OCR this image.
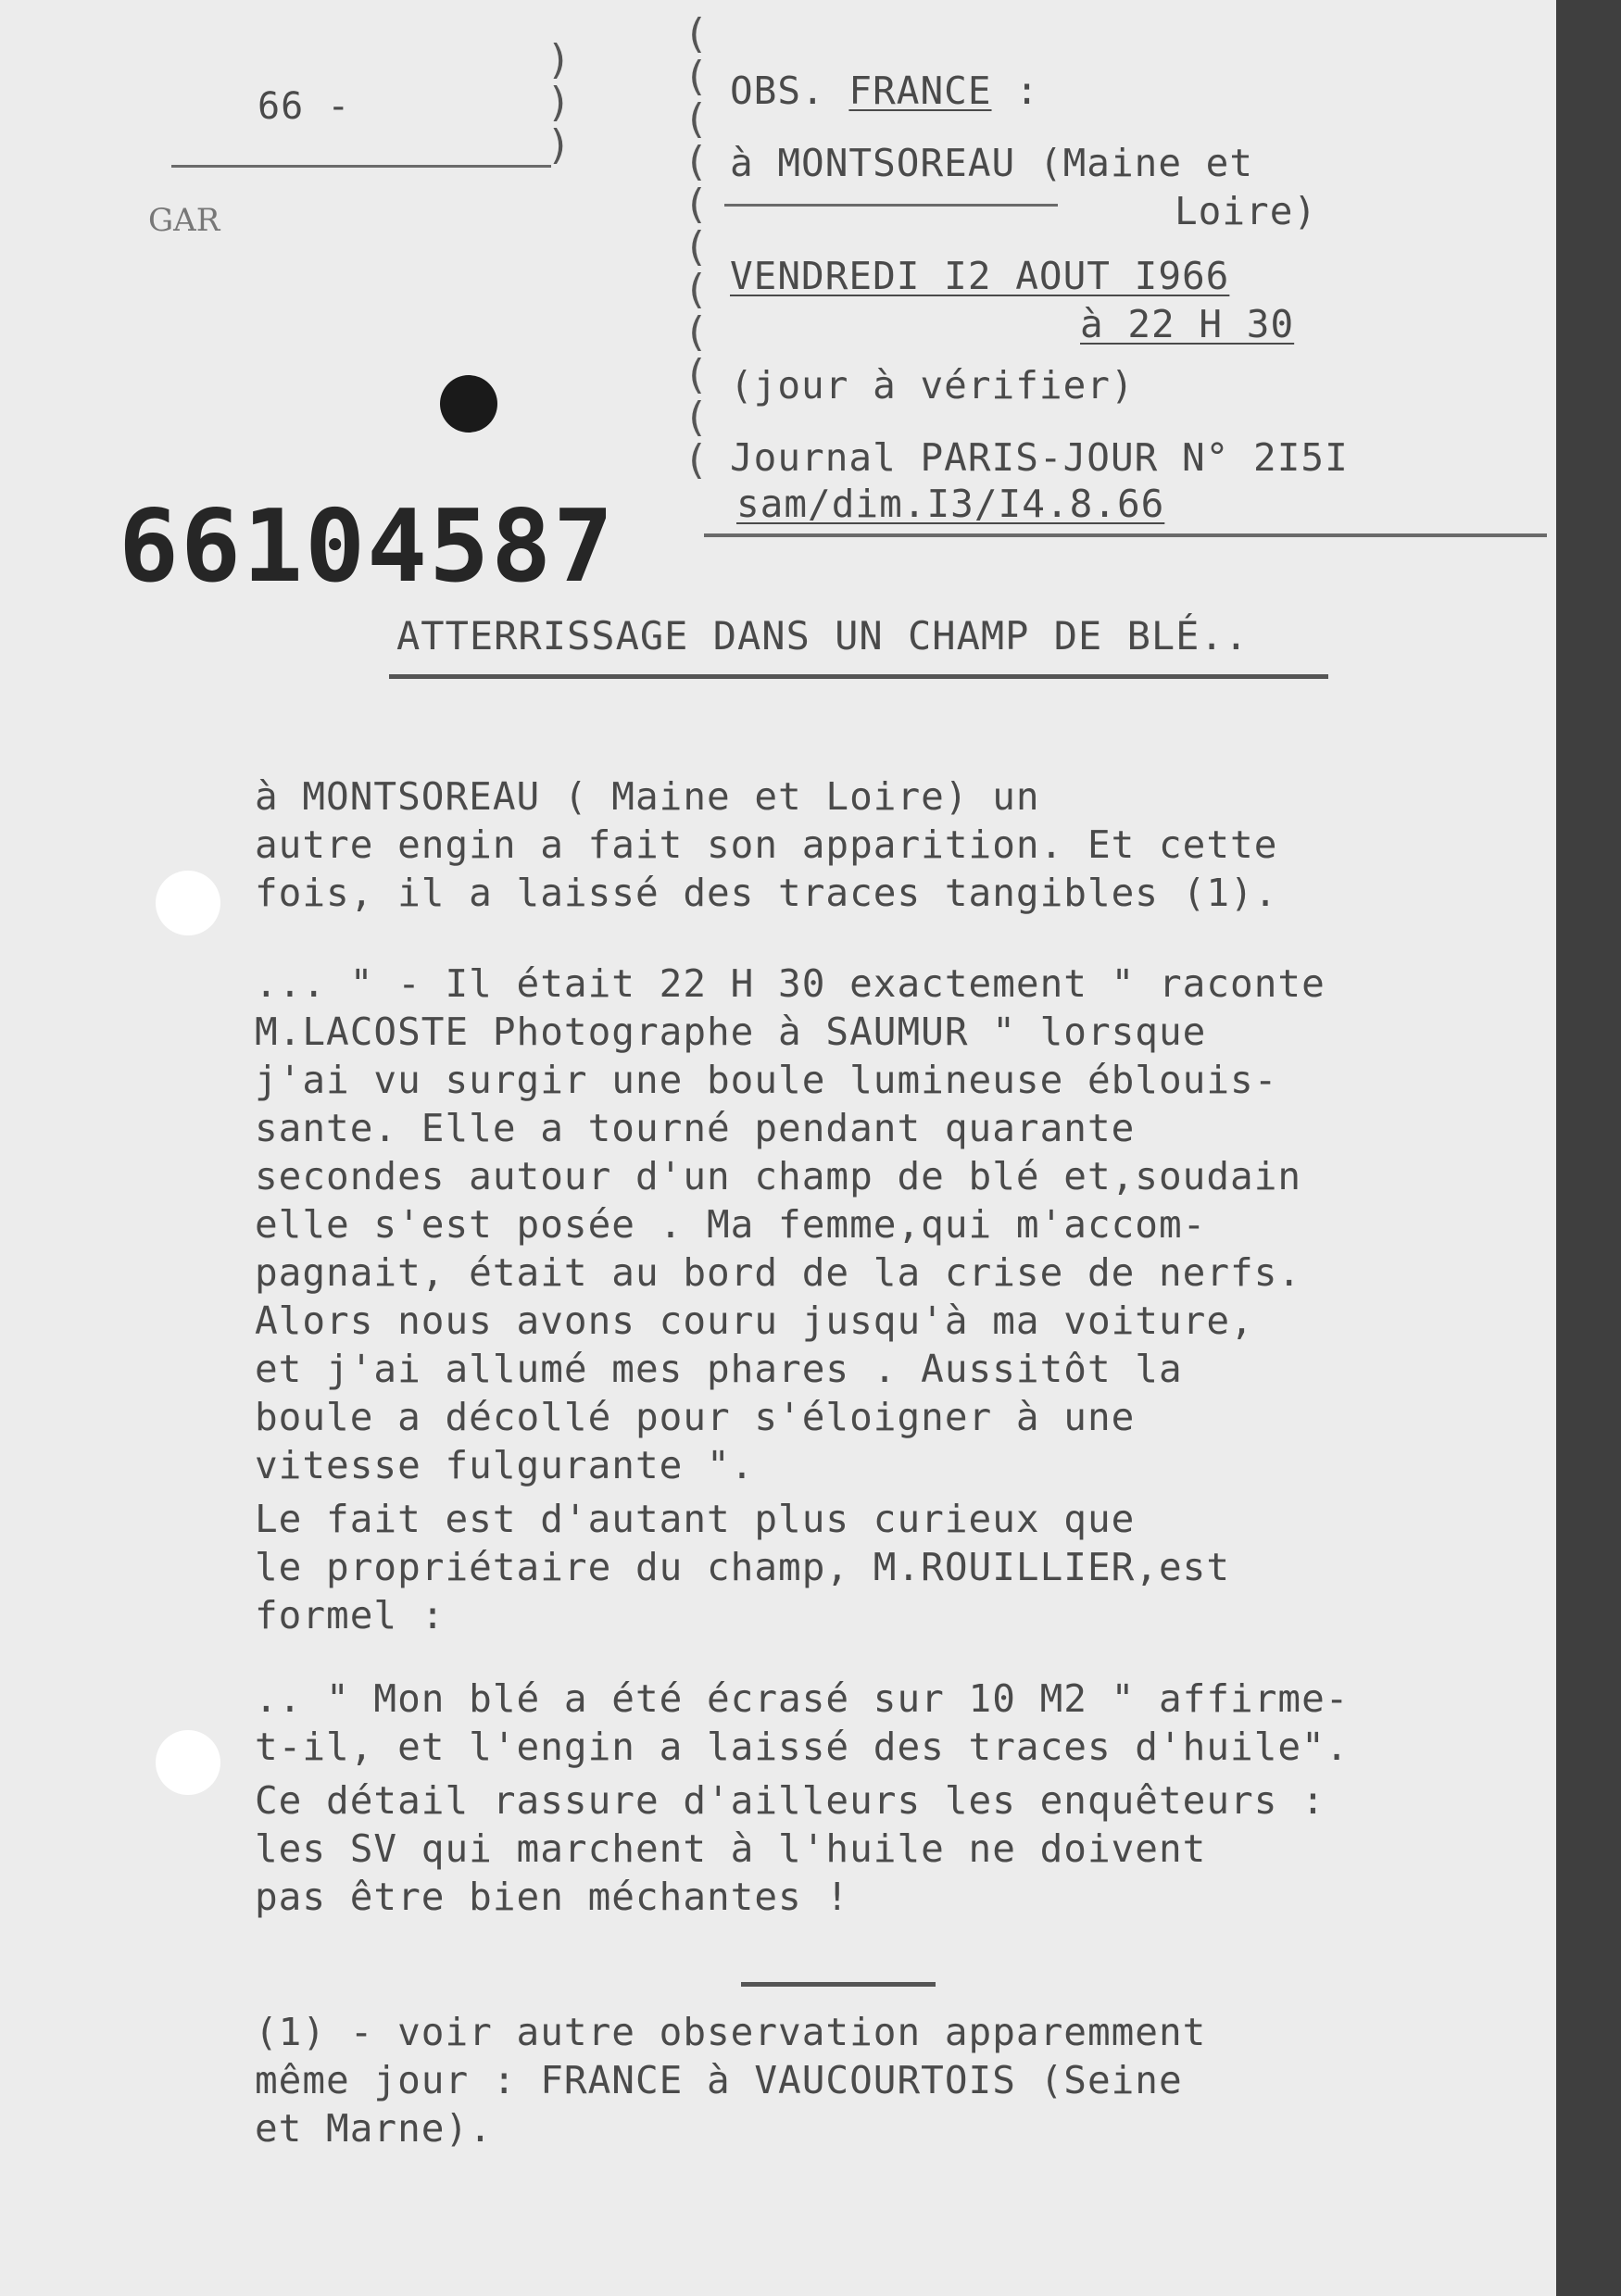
66 -
)
)
)
GAR
(
(
(
(
(
(
(
(
(
(
(
OBS. FRANCE :
à MONTSOREAU (Maine et
Loire)
VENDREDI I2 AOUT I966
à 22 H 30
(jour à vérifier)
Journal PARIS-JOUR N° 2I5I
sam/dim.I3/I4.8.66
66104587
ATTERRISSAGE DANS UN CHAMP DE BLÉ..
à MONTSOREAU ( Maine et Loire) un
autre engin a fait son apparition. Et cette
fois, il a laissé des traces tangibles (1).
... " - Il était 22 H 30 exactement " raconte
M.LACOSTE Photographe à SAUMUR " lorsque
j'ai vu surgir une boule lumineuse éblouis-
sante. Elle a tourné pendant quarante
secondes autour d'un champ de blé et,soudain
elle s'est posée . Ma femme,qui m'accom-
pagnait, était au bord de la crise de nerfs.
Alors nous avons couru jusqu'à ma voiture,
et j'ai allumé mes phares . Aussitôt la
boule a décollé pour s'éloigner à une
vitesse fulgurante ".
Le fait est d'autant plus curieux que
le propriétaire du champ, M.ROUILLIER,est
formel :
.. " Mon blé a été écrasé sur 10 M2 " affirme-
t-il, et l'engin a laissé des traces d'huile".
Ce détail rassure d'ailleurs les enquêteurs :
les SV qui marchent à l'huile ne doivent
pas être bien méchantes !
(1) - voir autre observation apparemment
même jour : FRANCE à VAUCOURTOIS (Seine
et Marne).
